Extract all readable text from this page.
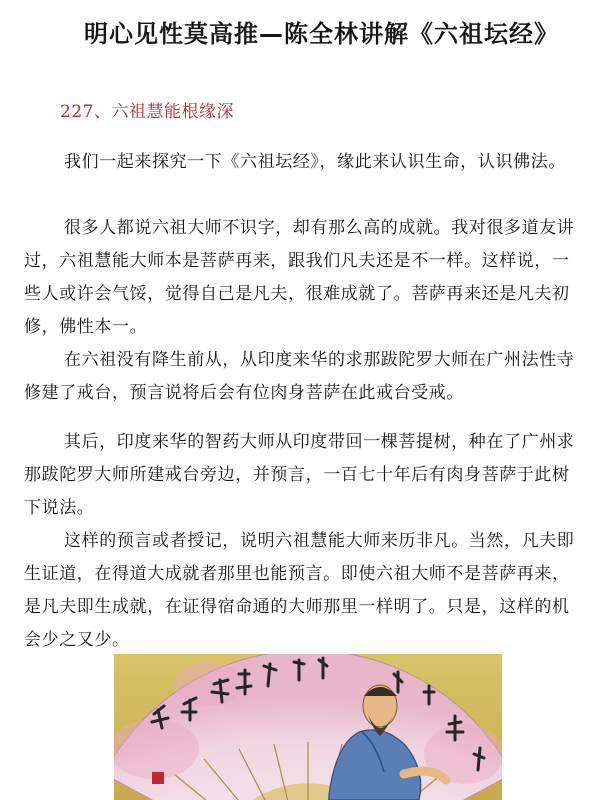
明心见性莫高推—陈全林讲解《六祖坛经》
227、六祖慧能根缘深
我们一起来探究一下《六祖坛经》，缘此来认识生命，认识佛法。
很多人都说六祖大师不识字，却有那么高的成就。我对很多道友讲过，六祖慧能大师本是菩萨再来，跟我们凡夫还是不一样。这样说，一些人或许会气馁，觉得自己是凡夫，很难成就了。菩萨再来还是凡夫初修，佛性本一。
在六祖没有降生前从，从印度来华的求那跋陀罗大师在广州法性寺修建了戒台，预言说将后会有位肉身菩萨在此戒台受戒。
其后，印度来华的智药大师从印度带回一棵菩提树，种在了广州求那跋陀罗大师所建戒台旁边，并预言，一百七十年后有肉身菩萨于此树下说法。
这样的预言或者授记，说明六祖慧能大师来历非凡。当然，凡夫即生证道，在得道大成就者那里也能预言。即使六祖大师不是菩萨再来，是凡夫即生成就，在证得宿命通的大师那里一样明了。只是，这样的机会少之又少。
